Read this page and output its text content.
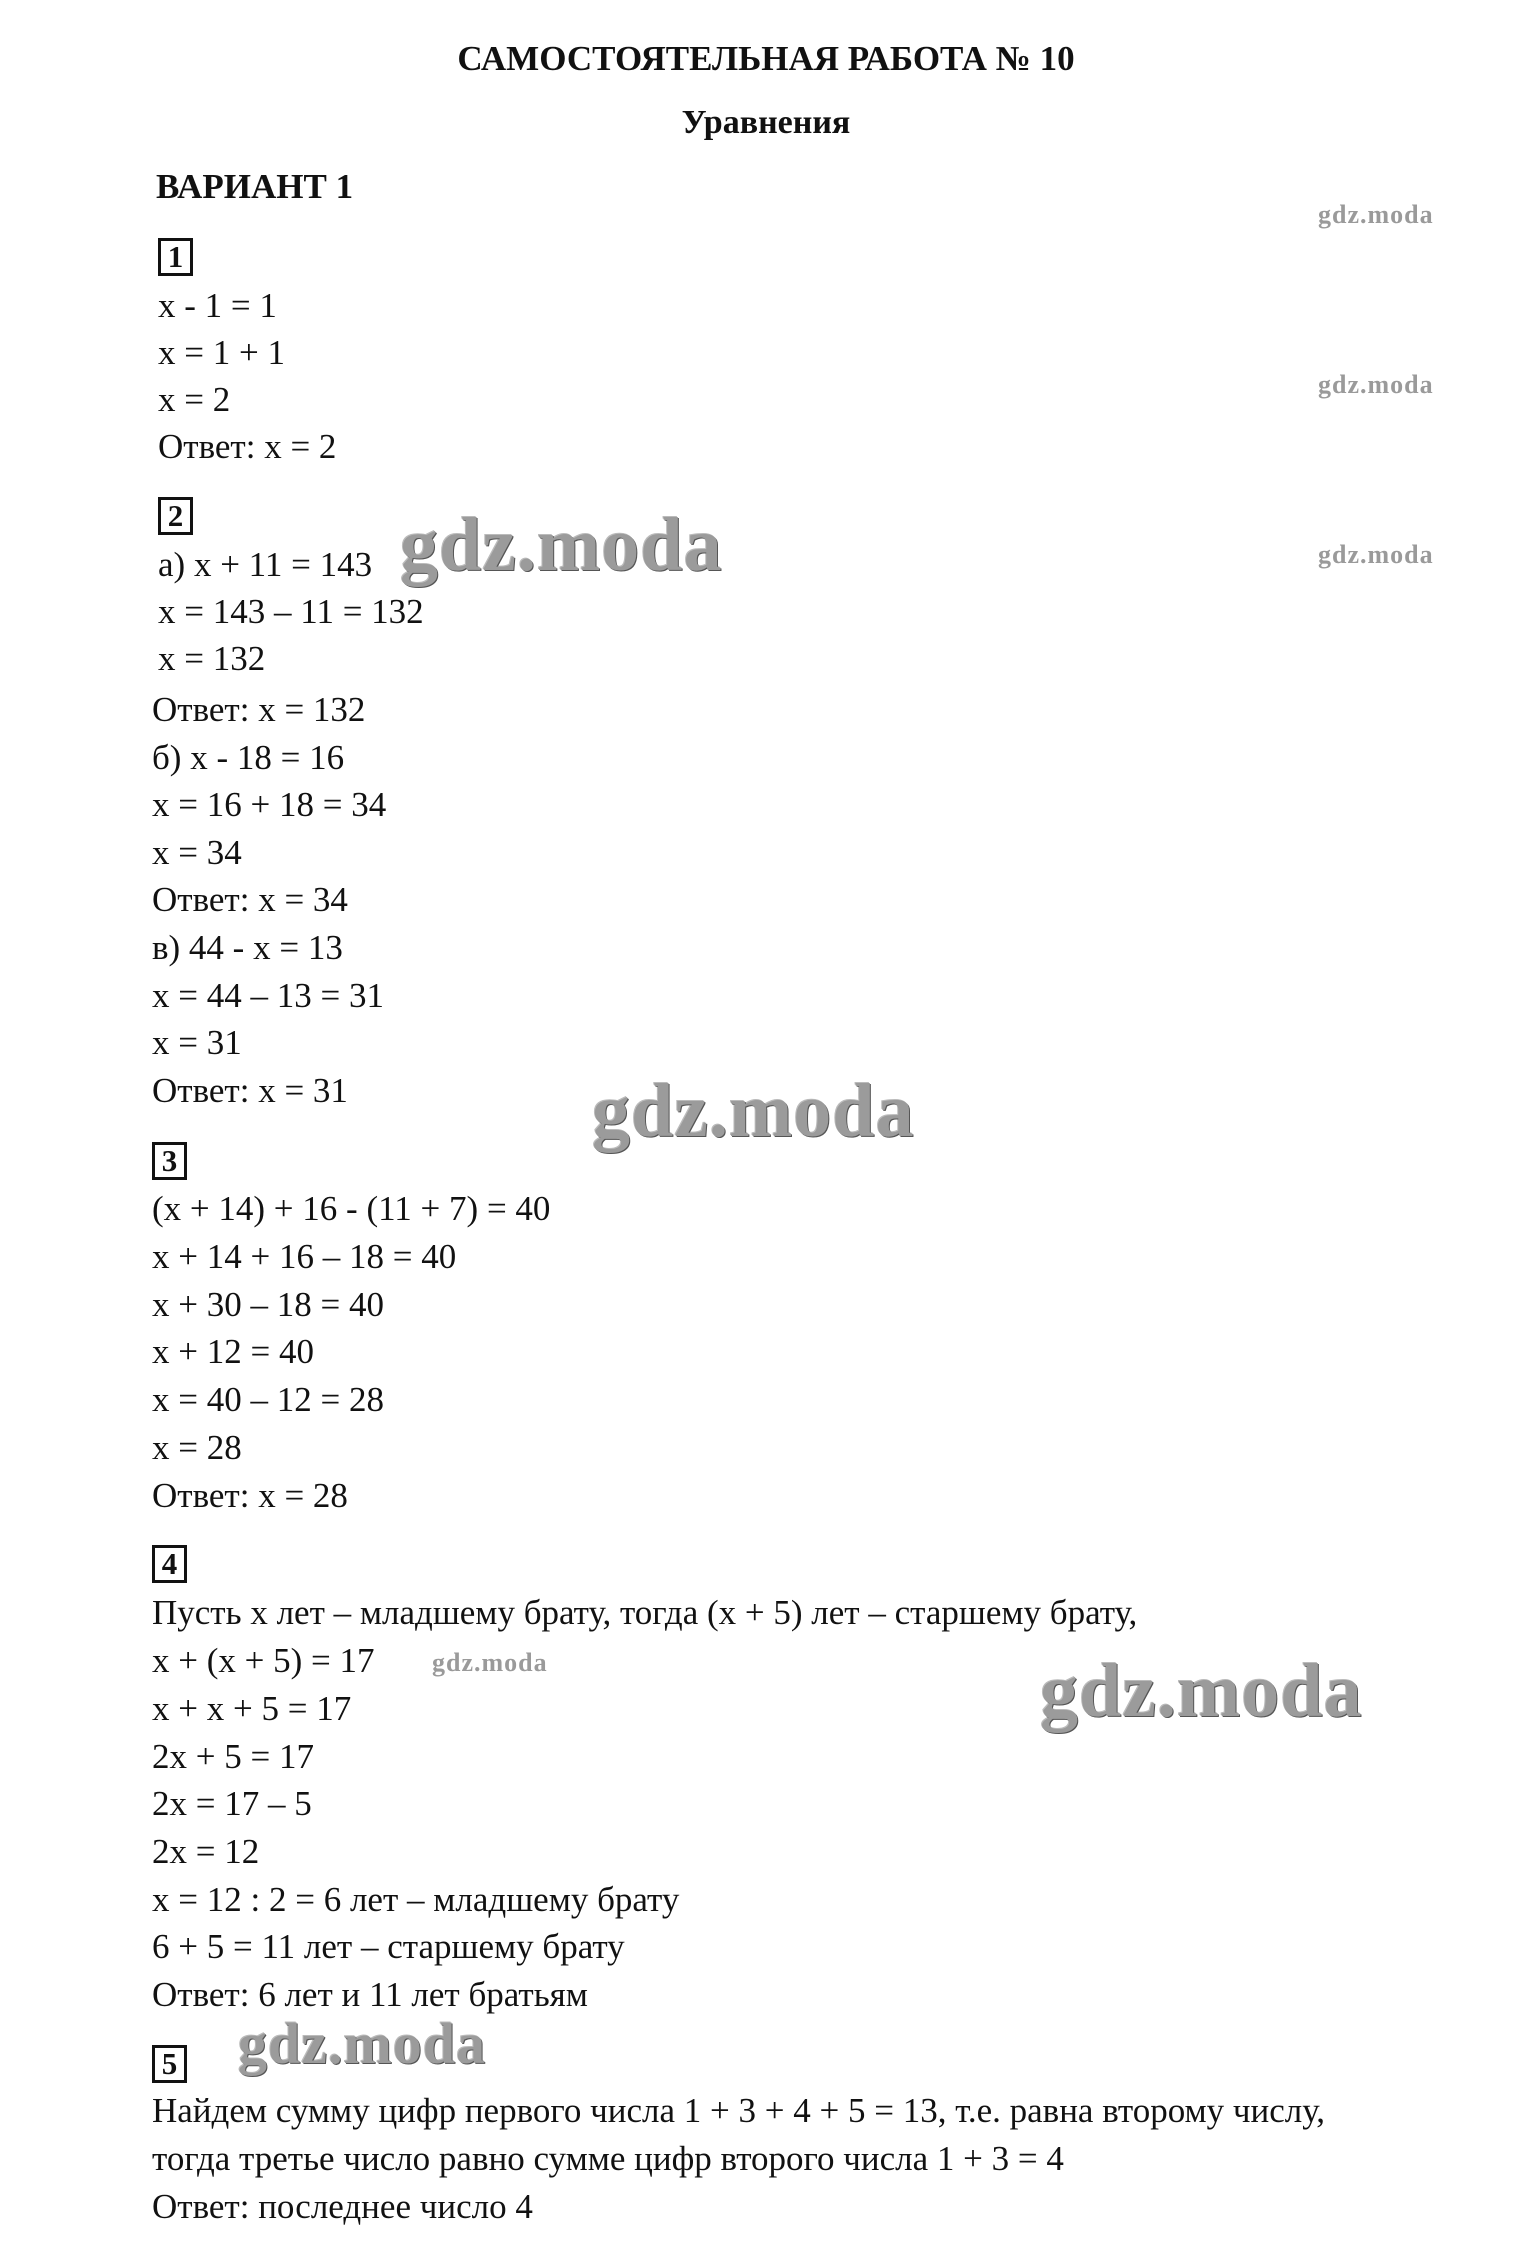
САМОСТОЯТЕЛЬНАЯ РАБОТА № 10
Уравнения
ВАРИАНТ 1
1
x - 1 = 1
x = 1 + 1
x = 2
Ответ: x = 2
2
а) x + 11 = 143
x = 143 – 11 = 132
x = 132
Ответ: x = 132
б) x - 18 = 16
x = 16 + 18 = 34
x = 34
Ответ: x = 34
в) 44 - x = 13
x = 44 – 13 = 31
x = 31
Ответ: x = 31
3
(x + 14) + 16 - (11 + 7) = 40
x + 14 + 16 – 18 = 40
x + 30 – 18 = 40
x + 12 = 40
x = 40 – 12 = 28
x = 28
Ответ: x = 28
4
Пусть x лет – младшему брату, тогда (x + 5) лет – старшему брату,
x + (x + 5) = 17
x + x + 5 = 17
2x + 5 = 17
2x = 17 – 5
2x = 12
x = 12 : 2 = 6 лет – младшему брату
6 + 5 = 11 лет – старшему брату
Ответ: 6 лет и 11 лет братьям
5
Найдем сумму цифр первого числа 1 + 3 + 4 + 5 = 13, т.е. равна второму числу,
тогда третье число равно сумме цифр второго числа 1 + 3 = 4
Ответ: последнее число 4
gdz.moda
gdz.moda
gdz.moda
gdz.moda
gdz.moda
gdz.moda	gdz.moda
gdz.moda
